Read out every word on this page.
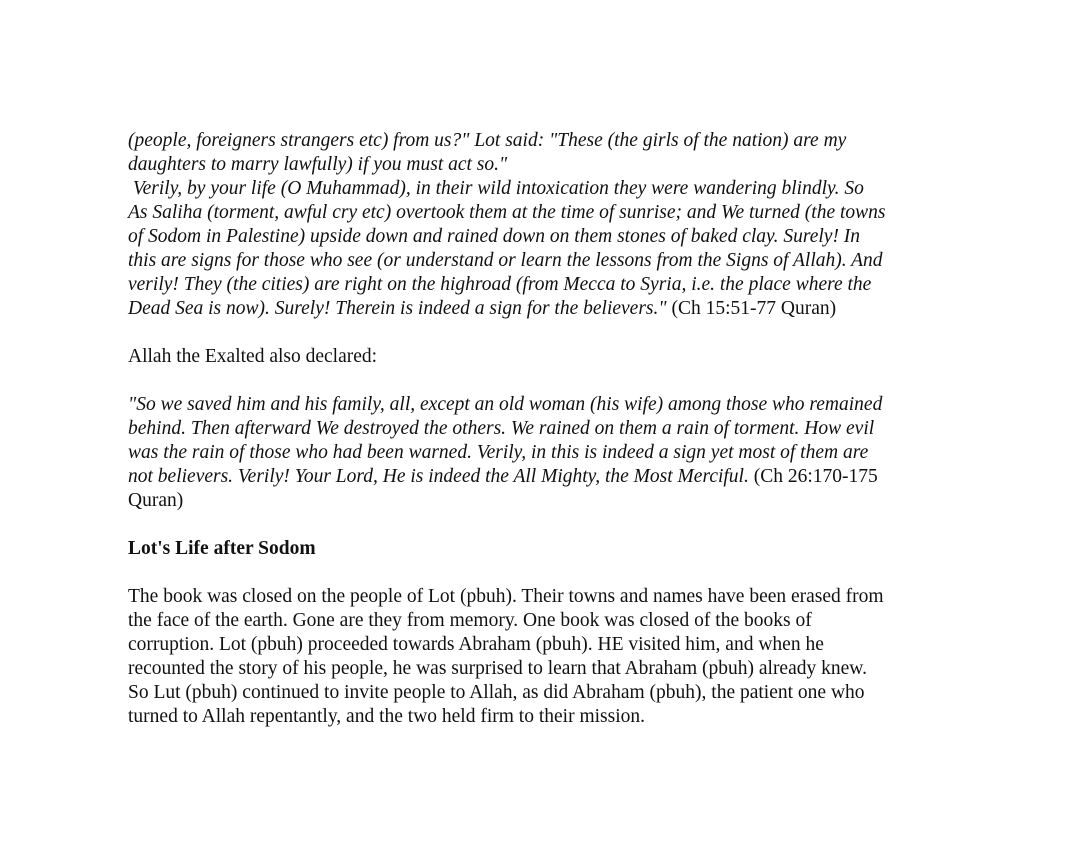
(people, foreigners strangers etc) from us?" Lot said: "These (the girls of the nation) are my
daughters to marry lawfully) if you must act so."
Verily, by your life (O Muhammad), in their wild intoxication they were wandering blindly. So
As Saliha (torment, awful cry etc) overtook them at the time of sunrise; and We turned (the towns
of Sodom in Palestine) upside down and rained down on them stones of baked clay. Surely! In
this are signs for those who see (or understand or learn the lessons from the Signs of Allah). And
verily! They (the cities) are right on the highroad (from Mecca to Syria, i.e. the place where the
Dead Sea is now). Surely! Therein is indeed a sign for the believers." (Ch 15:51-77 Quran)
Allah the Exalted also declared:
"So we saved him and his family, all, except an old woman (his wife) among those who remained
behind. Then afterward We destroyed the others. We rained on them a rain of torment. How evil
was the rain of those who had been warned. Verily, in this is indeed a sign yet most of them are
not believers. Verily! Your Lord, He is indeed the All Mighty, the Most Merciful. (Ch 26:170-175
Quran)
Lot's Life after Sodom
The book was closed on the people of Lot (pbuh). Their towns and names have been erased from
the face of the earth. Gone are they from memory. One book was closed of the books of
corruption. Lot (pbuh) proceeded towards Abraham (pbuh). HE visited him, and when he
recounted the story of his people, he was surprised to learn that Abraham (pbuh) already knew.
So Lut (pbuh) continued to invite people to Allah, as did Abraham (pbuh), the patient one who
turned to Allah repentantly, and the two held firm to their mission.
